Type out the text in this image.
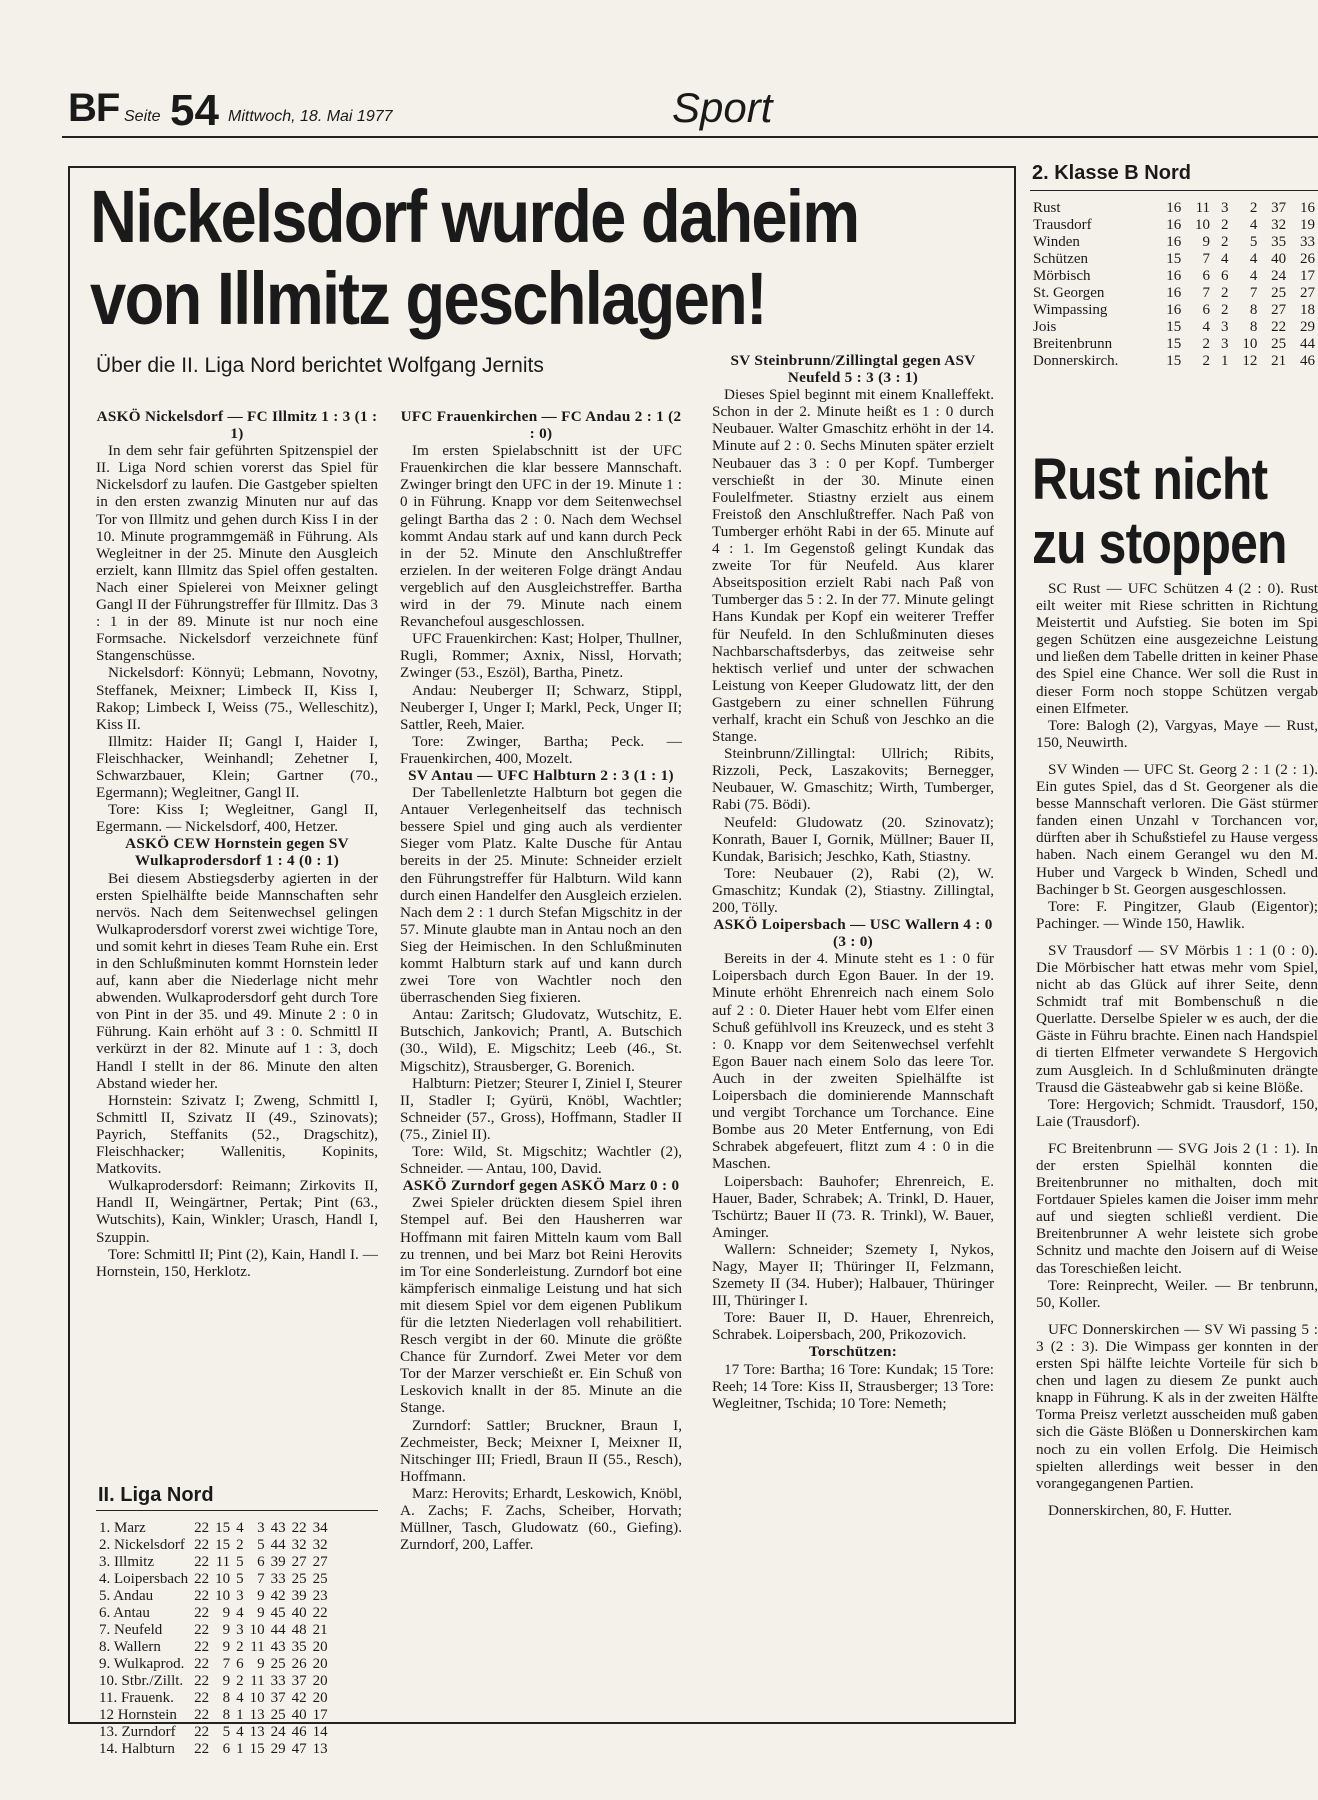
BF Seite 54 Mittwoch, 18. Mai 1977	Sport
Nickelsdorf wurde daheim von Illmitz geschlagen!
Über die II. Liga Nord berichtet Wolfgang Jernits

ASKÖ Nickelsdorf — FC Illmitz 1 : 3 (1 : 1)

In dem sehr fair geführten Spitzenspiel der II. Liga Nord schien vorerst das Spiel für Nickelsdorf zu laufen. Die Gastgeber spielten in den ersten zwanzig Minuten nur auf das Tor von Illmitz und gehen durch Kiss I in der 10. Minute programmgemäß in Führung. Als Wegleitner in der 25. Minute den Ausgleich erzielt, kann Illmitz das Spiel offen gestalten. Nach einer Spielerei von Meixner gelingt Gangl II der Führungstreffer für Illmitz. Das 3 : 1 in der 89. Minute ist nur noch eine Formsache. Nickelsdorf verzeichnete fünf Stangenschüsse.

Nickelsdorf: Könnyü; Lebmann, Novotny, Steffanek, Meixner; Limbeck II, Kiss I, Rakop; Limbeck I, Weiss (75., Welleschitz), Kiss II.

Illmitz: Haider II; Gangl I, Haider I, Fleischhacker, Weinhandl; Zehetner I, Schwarzbauer, Klein; Gartner (70., Egermann); Wegleitner, Gangl II.

Tore: Kiss I; Wegleitner, Gangl II, Egermann. — Nickelsdorf, 400, Hetzer.

ASKÖ CEW Hornstein gegen SV Wulkaprodersdorf 1 : 4 (0 : 1)

Bei diesem Abstiegsderby agierten in der ersten Spielhälfte beide Mannschaften sehr nervös. Nach dem Seitenwechsel gelingen Wulkaprodersdorf vorerst zwei wichtige Tore, und somit kehrt in dieses Team Ruhe ein. Erst in den Schlußminuten kommt Hornstein leder auf, kann aber die Niederlage nicht mehr abwenden. Wulkaprodersdorf geht durch Tore von Pint in der 35. und 49. Minute 2 : 0 in Führung. Kain erhöht auf 3 : 0. Schmittl II verkürzt in der 82. Minute auf 1 : 3, doch Handl I stellt in der 86. Minute den alten Abstand wieder her.

Hornstein: Szivatz I; Zweng, Schmittl I, Schmittl II, Szivatz II (49., Szinovats); Payrich, Steffanits (52., Dragschitz), Fleischhacker; Wallenitis, Kopinits, Matkovits.

Wulkaprodersdorf: Reimann; Zirkovits II, Handl II, Weingärtner, Pertak; Pint (63., Wutschits), Kain, Winkler; Urasch, Handl I, Szuppin.

Tore: Schmittl II; Pint (2), Kain, Handl I. — Hornstein, 150, Herklotz.

UFC Frauenkirchen — FC Andau 2 : 1 (2 : 0)

Im ersten Spielabschnitt ist der UFC Frauenkirchen die klar bessere Mannschaft. Zwinger bringt den UFC in der 19. Minute 1 : 0 in Führung. Knapp vor dem Seitenwechsel gelingt Bartha das 2 : 0. Nach dem Wechsel kommt Andau stark auf und kann durch Peck in der 52. Minute den Anschlußtreffer erzielen. In der weiteren Folge drängt Andau vergeblich auf den Ausgleichstreffer. Bartha wird in der 79. Minute nach einem Revanchefoul ausgeschlossen.

UFC Frauenkirchen: Kast; Holper, Thullner, Rugli, Rommer; Axnix, Nissl, Horvath; Zwinger (53., Eszöl), Bartha, Pinetz.

Andau: Neuberger II; Schwarz, Stippl, Neuberger I, Unger I; Markl, Peck, Unger II; Sattler, Reeh, Maier.

Tore: Zwinger, Bartha; Peck. — Frauenkirchen, 400, Mozelt.

SV Antau — UFC Halbturn 2 : 3 (1 : 1)

Der Tabellenletzte Halbturn bot gegen die Antauer Verlegenheitself das technisch bessere Spiel und ging auch als verdienter Sieger vom Platz. Kalte Dusche für Antau bereits in der 25. Minute: Schneider erzielt den Führungstreffer für Halbturn. Wild kann durch einen Handelfer den Ausgleich erzielen. Nach dem 2 : 1 durch Stefan Migschitz in der 57. Minute glaubte man in Antau noch an den Sieg der Heimischen. In den Schlußminuten kommt Halbturn stark auf und kann durch zwei Tore von Wachtler noch den überraschenden Sieg fixieren.

Antau: Zaritsch; Gludovatz, Wutschitz, E. Butschich, Jankovich; Prantl, A. Butschich (30., Wild), E. Migschitz; Leeb (46., St. Migschitz), Strausberger, G. Borenich.

Halbturn: Pietzer; Steurer I, Ziniel I, Steurer II, Stadler I; Gyürü, Knöbl, Wachtler; Schneider (57., Gross), Hoffmann, Stadler II (75., Ziniel II).

Tore: Wild, St. Migschitz; Wachtler (2), Schneider. — Antau, 100, David.

ASKÖ Zurndorf gegen ASKÖ Marz 0 : 0

Zwei Spieler drückten diesem Spiel ihren Stempel auf. Bei den Hausherren war Hoffmann mit fairen Mitteln kaum vom Ball zu trennen, und bei Marz bot Reini Herovits im Tor eine Sonderleistung. Zurndorf bot eine kämpferisch einmalige Leistung und hat sich mit diesem Spiel vor dem eigenen Publikum für die letzten Niederlagen voll rehabilitiert. Resch vergibt in der 60. Minute die größte Chance für Zurndorf. Zwei Meter vor dem Tor der Marzer verschießt er. Ein Schuß von Leskovich knallt in der 85. Minute an die Stange.

Zurndorf: Sattler; Bruckner, Braun I, Zechmeister, Beck; Meixner I, Meixner II, Nitschinger III; Friedl, Braun II (55., Resch), Hoffmann.

Marz: Herovits; Erhardt, Leskowich, Knöbl, A. Zachs; F. Zachs, Scheiber, Horvath; Müllner, Tasch, Gludowatz (60., Giefing). Zurndorf, 200, Laffer.

SV Steinbrunn/Zillingtal gegen ASV Neufeld 5 : 3 (3 : 1)

Dieses Spiel beginnt mit einem Knalleffekt. Schon in der 2. Minute heißt es 1 : 0 durch Neubauer. Walter Gmaschitz erhöht in der 14. Minute auf 2 : 0. Sechs Minuten später erzielt Neubauer das 3 : 0 per Kopf. Tumberger verschießt in der 30. Minute einen Foulelfmeter. Stiastny erzielt aus einem Freistoß den Anschlußtreffer. Nach Paß von Tumberger erhöht Rabi in der 65. Minute auf 4 : 1. Im Gegenstoß gelingt Kundak das zweite Tor für Neufeld. Aus klarer Abseitsposition erzielt Rabi nach Paß von Tumberger das 5 : 2. In der 77. Minute gelingt Hans Kundak per Kopf ein weiterer Treffer für Neufeld. In den Schlußminuten dieses Nachbarschaftsderbys, das zeitweise sehr hektisch verlief und unter der schwachen Leistung von Keeper Gludowatz litt, der den Gastgebern zu einer schnellen Führung verhalf, kracht ein Schuß von Jeschko an die Stange.

Steinbrunn/Zillingtal: Ullrich; Ribits, Rizzoli, Peck, Laszakovits; Bernegger, Neubauer, W. Gmaschitz; Wirth, Tumberger, Rabi (75. Bödi).

Neufeld: Gludowatz (20. Szinovatz); Konrath, Bauer I, Gornik, Müllner; Bauer II, Kundak, Barisich; Jeschko, Kath, Stiastny.

Tore: Neubauer (2), Rabi (2), W. Gmaschitz; Kundak (2), Stiastny. Zillingtal, 200, Tölly.

ASKÖ Loipersbach — USC Wallern 4 : 0 (3 : 0)

Bereits in der 4. Minute steht es 1 : 0 für Loipersbach durch Egon Bauer. In der 19. Minute erhöht Ehrenreich nach einem Solo auf 2 : 0. Dieter Hauer hebt vom Elfer einen Schuß gefühlvoll ins Kreuzeck, und es steht 3 : 0. Knapp vor dem Seitenwechsel verfehlt Egon Bauer nach einem Solo das leere Tor. Auch in der zweiten Spielhälfte ist Loipersbach die dominierende Mannschaft und vergibt Torchance um Torchance. Eine Bombe aus 20 Meter Entfernung, von Edi Schrabek abgefeuert, flitzt zum 4 : 0 in die Maschen.

Loipersbach: Bauhofer; Ehrenreich, E. Hauer, Bader, Schrabek; A. Trinkl, D. Hauer, Tschürtz; Bauer II (73. R. Trinkl), W. Bauer, Aminger.

Wallern: Schneider; Szemety I, Nykos, Nagy, Mayer II; Thüringer II, Felzmann, Szemety II (34. Huber); Halbauer, Thüringer III, Thüringer I.

Tore: Bauer II, D. Hauer, Ehrenreich, Schrabek. Loipersbach, 200, Prikozovich.

Torschützen:

17 Tore: Bartha; 16 Tore: Kundak; 15 Tore: Reeh; 14 Tore: Kiss II, Strausberger; 13 Tore: Wegleitner, Tschida; 10 Tore: Nemeth;

II. Liga Nord
1. Marz	22	15	4	3	43	22	34
2. Nickelsdorf	22	15	2	5	44	32	32
3. Illmitz	22	11	5	6	39	27	27
4. Loipersbach	22	10	5	7	33	25	25
5. Andau	22	10	3	9	42	39	23
6. Antau	22	9	4	9	45	40	22
7. Neufeld	22	9	3	10	44	48	21
8. Wallern	22	9	2	11	43	35	20
9. Wulkaprod.	22	7	6	9	25	26	20
10. Stbr./Zillt.	22	9	2	11	33	37	20
11. Frauenk.	22	8	4	10	37	42	20
12 Hornstein	22	8	1	13	25	40	17
13. Zurndorf	22	5	4	13	24	46	14
14. Halbturn	22	6	1	15	29	47	13
2. Klasse B Nord
Rust	16	11	3	2	37	16
Trausdorf	16	10	2	4	32	19
Winden	16	9	2	5	35	33
Schützen	15	7	4	4	40	26
Mörbisch	16	6	6	4	24	17
St. Georgen	16	7	2	7	25	27
Wimpassing	16	6	2	8	27	18
Jois	15	4	3	8	22	29
Breitenbrunn	15	2	3	10	25	44
Donnerskirch.	15	2	1	12	21	46
Rust nicht zu stoppen

SC Rust — UFC Schützen 4 (2 : 0). Rust eilt weiter mit Riese schritten in Richtung Meistertit und Aufstieg. Sie boten im Spi gegen Schützen eine ausgezeichne Leistung und ließen dem Tabelle dritten in keiner Phase des Spiel eine Chance. Wer soll die Rust in dieser Form noch stoppe Schützen vergab einen Elfmeter.

Tore: Balogh (2), Vargyas, Maye — Rust, 150, Neuwirth.

SV Winden — UFC St. Georg 2 : 1 (2 : 1). Ein gutes Spiel, das d St. Georgener als die besse Mannschaft verloren. Die Gäst stürmer fanden einen Unzahl v Torchancen vor, dürften aber ih Schußstiefel zu Hause vergess haben. Nach einem Gerangel wu den M. Huber und Vargeck b Winden, Schedl und Bachinger b St. Georgen ausgeschlossen.

Tore: F. Pingitzer, Glaub (Eigentor); Pachinger. — Winde 150, Hawlik.

SV Trausdorf — SV Mörbis 1 : 1 (0 : 0). Die Mörbischer hatt etwas mehr vom Spiel, nicht ab das Glück auf ihrer Seite, denn Schmidt traf mit Bombenschuß n die Querlatte. Derselbe Spieler w es auch, der die Gäste in Führu brachte. Einen nach Handspiel di tierten Elfmeter verwandete S Hergovich zum Ausgleich. In d Schlußminuten drängte Trausd die Gästeabwehr gab si keine Blöße.

Tore: Hergovich; Schmidt. Trausdorf, 150, Laie (Trausdorf).

FC Breitenbrunn — SVG Jois 2 (1 : 1). In der ersten Spielhäl konnten die Breitenbrunner no mithalten, doch mit Fortdauer Spieles kamen die Joiser imm mehr auf und siegten schließl verdient. Die Breitenbrunner A wehr leistete sich grobe Schnitz und machte den Joisern auf di Weise das Toreschießen leicht.

Tore: Reinprecht, Weiler. — Br tenbrunn, 50, Koller.

UFC Donnerskirchen — SV Wi passing 5 : 3 (2 : 3). Die Wimpass ger konnten in der ersten Spi hälfte leichte Vorteile für sich b chen und lagen zu diesem Ze punkt auch knapp in Führung. K als in der zweiten Hälfte Torma Preisz verletzt ausscheiden muß gaben sich die Gäste Blößen u Donnerskirchen kam noch zu ein vollen Erfolg. Die Heimisch spielten allerdings weit besser in den vorangegangenen Partien.

Donnerskirchen, 80, F. Hutter.
